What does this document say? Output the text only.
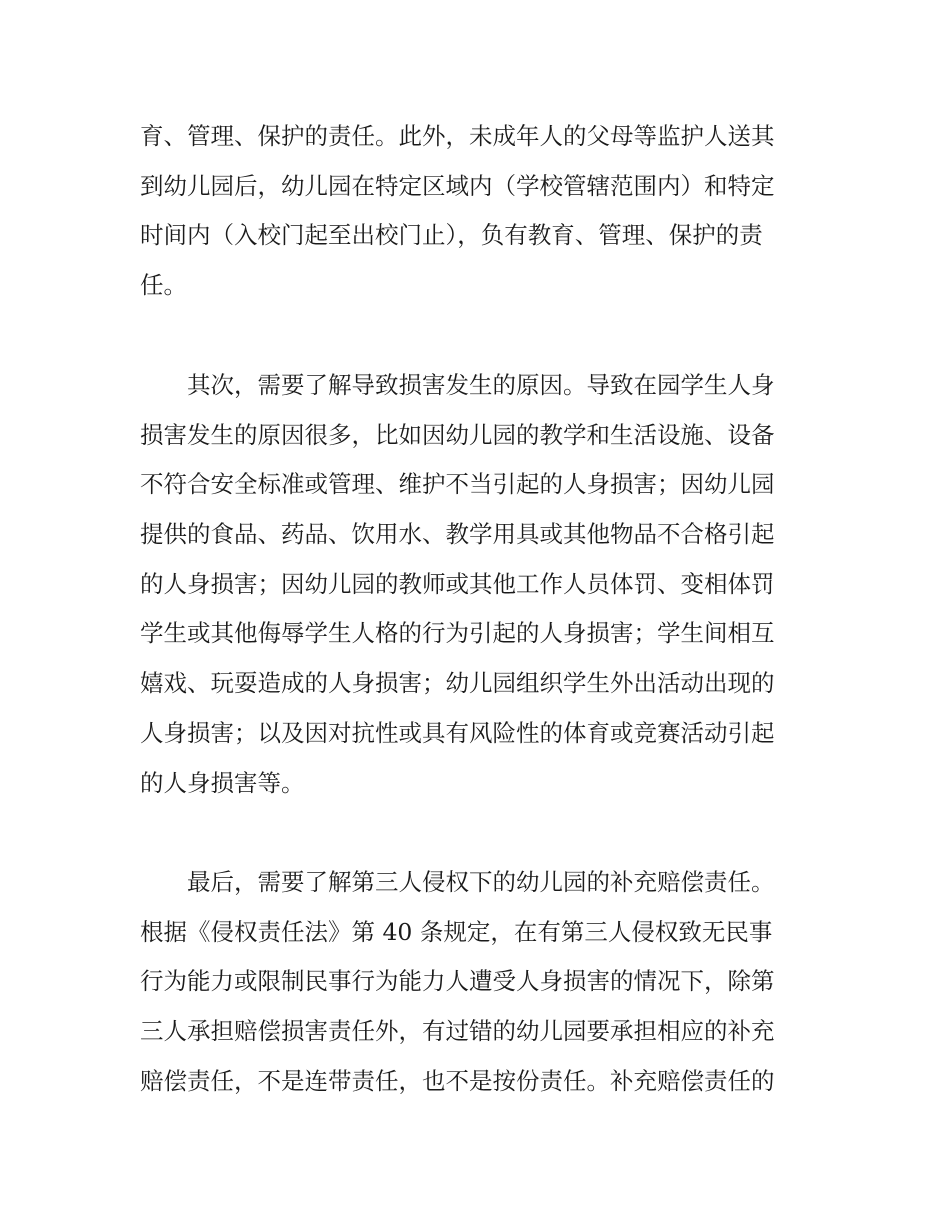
育、管理、保护的责任。此外，未成年人的父母等监护人送其
到幼儿园后，幼儿园在特定区域内（学校管辖范围内）和特定
时间内（入校门起至出校门止），负有教育、管理、保护的责
任。
　　其次，需要了解导致损害发生的原因。导致在园学生人身
损害发生的原因很多，比如因幼儿园的教学和生活设施、设备
不符合安全标准或管理、维护不当引起的人身损害；因幼儿园
提供的食品、药品、饮用水、教学用具或其他物品不合格引起
的人身损害；因幼儿园的教师或其他工作人员体罚、变相体罚
学生或其他侮辱学生人格的行为引起的人身损害；学生间相互
嬉戏、玩耍造成的人身损害；幼儿园组织学生外出活动出现的
人身损害；以及因对抗性或具有风险性的体育或竞赛活动引起
的人身损害等。
　　最后，需要了解第三人侵权下的幼儿园的补充赔偿责任。
根据《侵权责任法》第 40 条规定，在有第三人侵权致无民事
行为能力或限制民事行为能力人遭受人身损害的情况下，除第
三人承担赔偿损害责任外，有过错的幼儿园要承担相应的补充
赔偿责任，不是连带责任，也不是按份责任。补充赔偿责任的
